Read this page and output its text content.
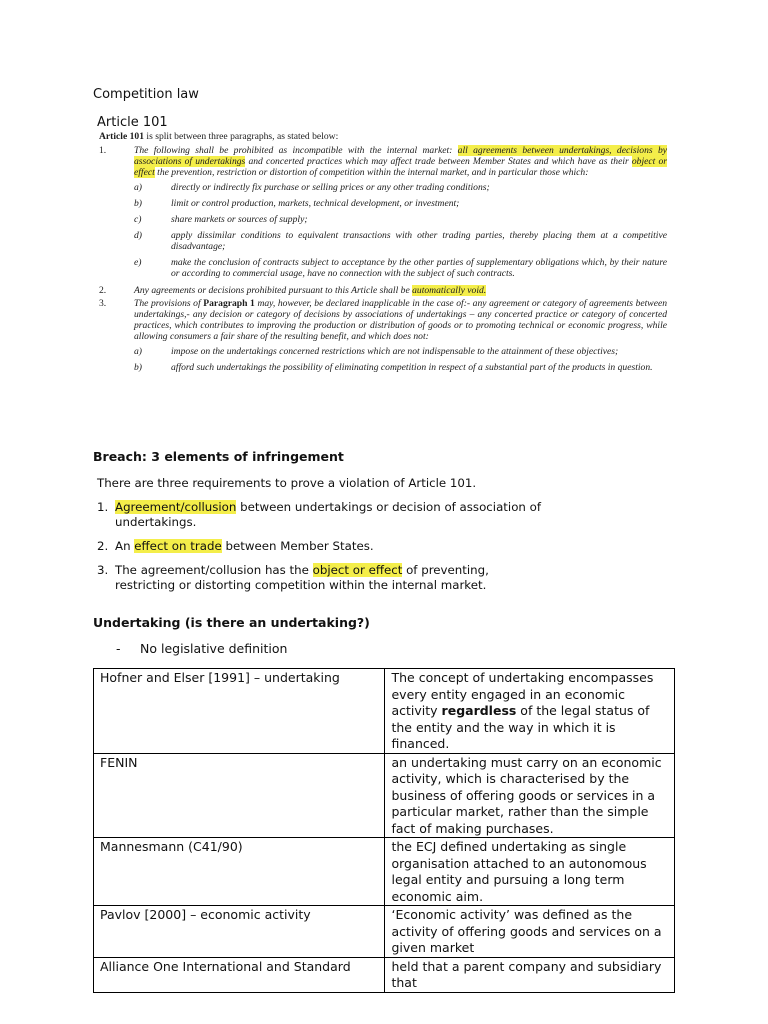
Competition law
Article 101
Article 101 is split between three paragraphs, as stated below:
1.	The following shall be prohibited as incompatible with the internal market: all agreements between undertakings, decisions by associations of undertakings and concerted practices which may affect trade between Member States and which have as their object or effect the prevention, restriction or distortion of competition within the internal market, and in particular those which:
a)	directly or indirectly fix purchase or selling prices or any other trading conditions;
b)	limit or control production, markets, technical development, or investment;
c)	share markets or sources of supply;
d)	apply dissimilar conditions to equivalent transactions with other trading parties, thereby placing them at a competitive disadvantage;
e)	make the conclusion of contracts subject to acceptance by the other parties of supplementary obligations which, by their nature or according to commercial usage, have no connection with the subject of such contracts.
2.	Any agreements or decisions prohibited pursuant to this Article shall be automatically void.
3.	The provisions of Paragraph 1 may, however, be declared inapplicable in the case of:- any agreement or category of agreements between undertakings,- any decision or category of decisions by associations of undertakings – any concerted practice or category of concerted practices, which contributes to improving the production or distribution of goods or to promoting technical or economic progress, while allowing consumers a fair share of the resulting benefit, and which does not:
a)	impose on the undertakings concerned restrictions which are not indispensable to the attainment of these objectives;
b)	afford such undertakings the possibility of eliminating competition in respect of a substantial part of the products in question.
Breach: 3 elements of infringement
There are three requirements to prove a violation of Article 101.
1. Agreement/collusion between undertakings or decision of association of undertakings.
2. An effect on trade between Member States.
3. The agreement/collusion has the object or effect of preventing, restricting or distorting competition within the internal market.
Undertaking (is there an undertaking?)
-	No legislative definition
Hofner and Elser [1991] – undertaking	The concept of undertaking encompasses every entity engaged in an economic activity regardless of the legal status of the entity and the way in which it is financed.
FENIN	an undertaking must carry on an economic activity, which is characterised by the business of offering goods or services in a particular market, rather than the simple fact of making purchases.
Mannesmann (C41/90)	the ECJ defined undertaking as single organisation attached to an autonomous legal entity and pursuing a long term economic aim.
Pavlov [2000] – economic activity	‘Economic activity’ was defined as the activity of offering goods and services on a given market
Alliance One International and Standard	held that a parent company and subsidiary that
